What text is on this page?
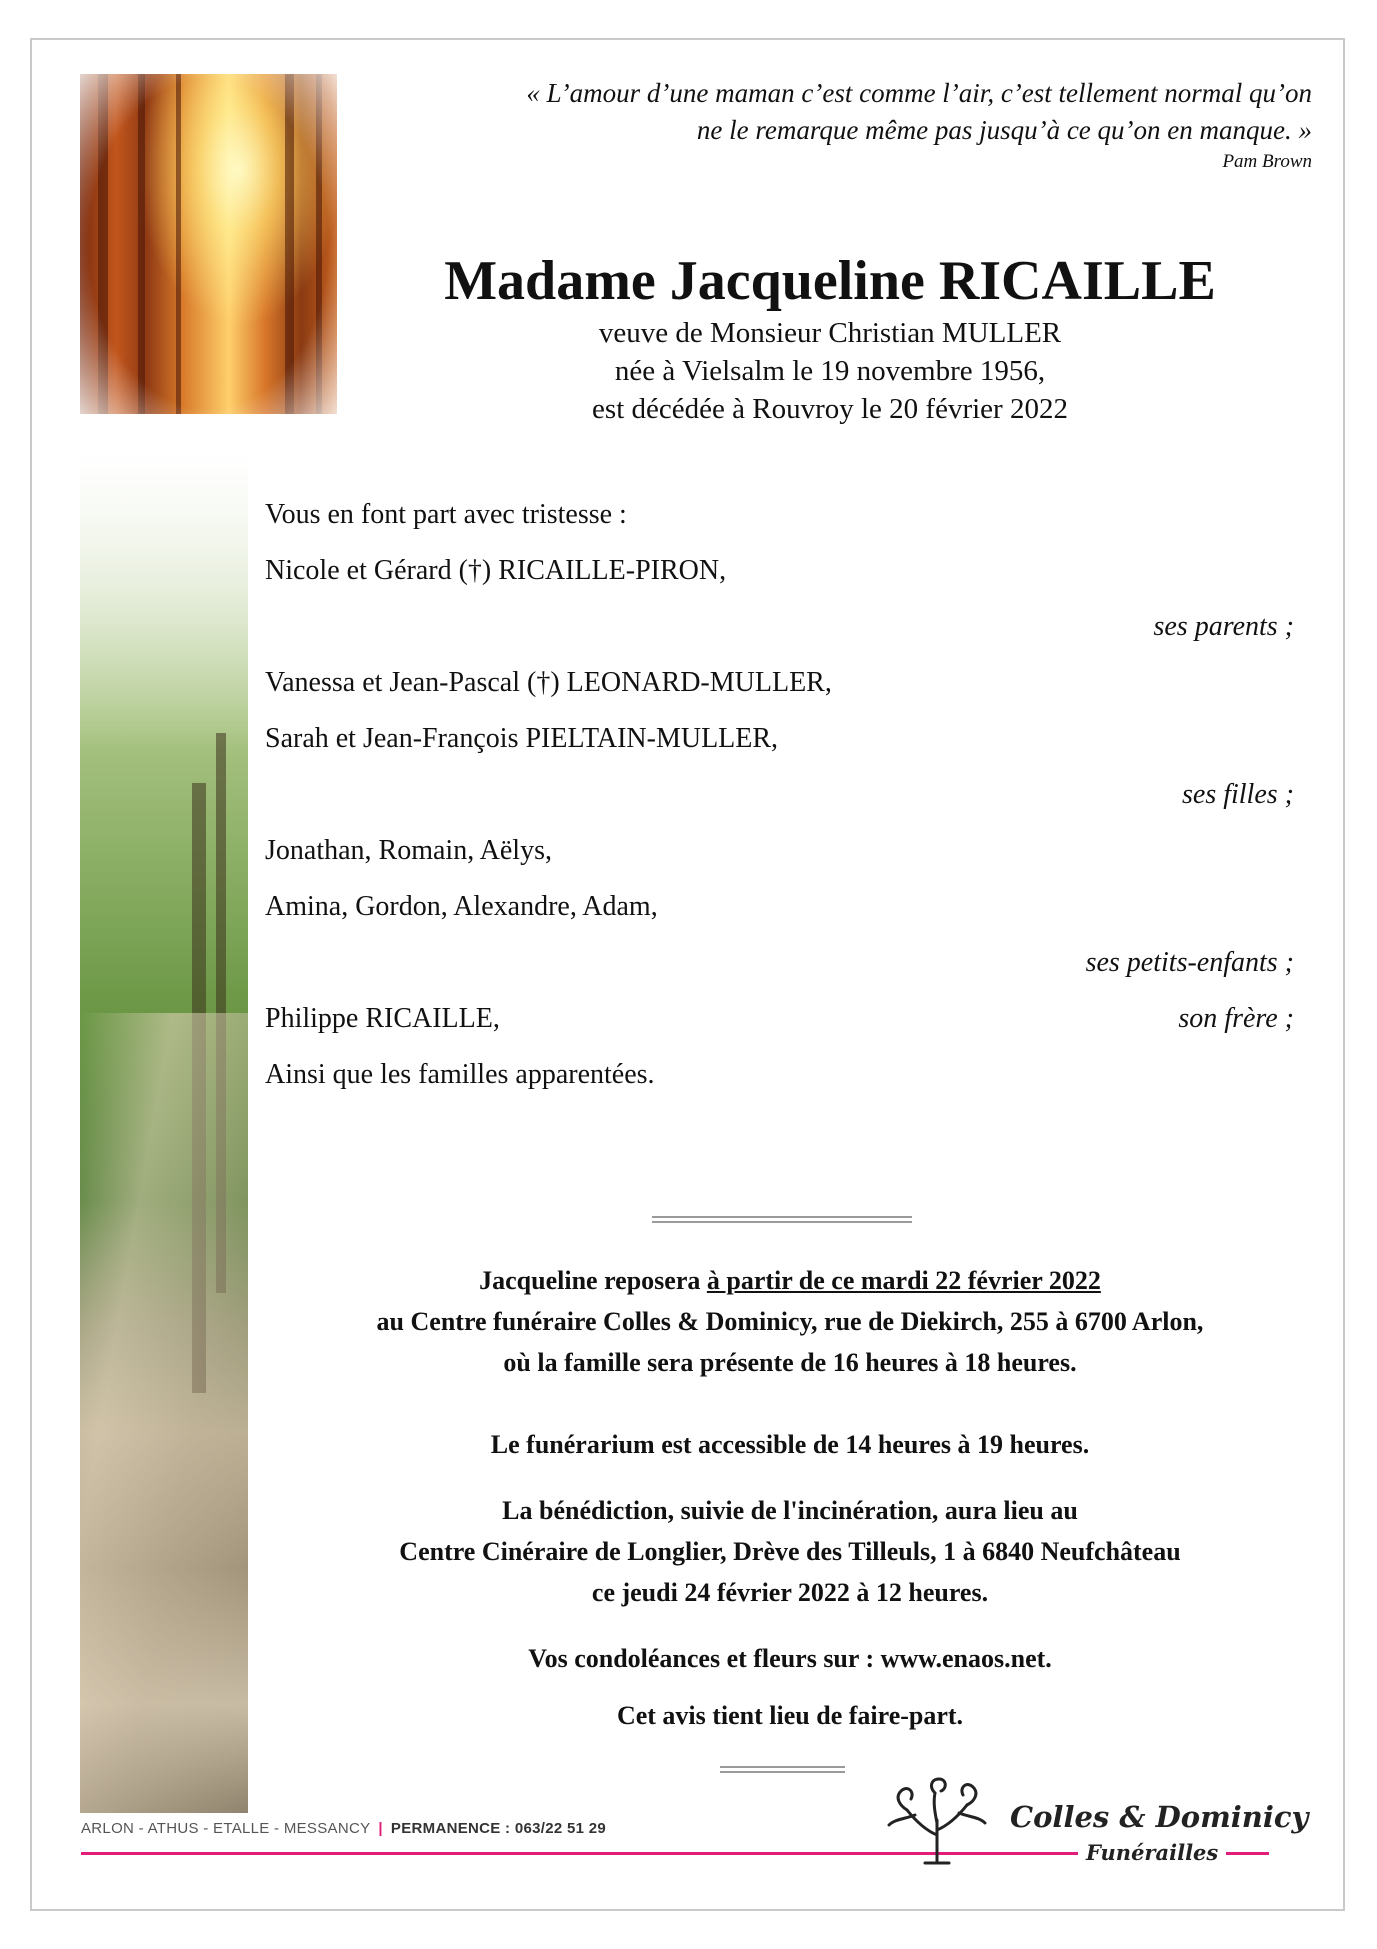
« L’amour d’une maman c’est comme l’air, c’est tellement normal qu’on
ne le remarque même pas jusqu’à ce qu’on en manque. »
Pam Brown
Madame Jacqueline RICAILLE
veuve de Monsieur Christian MULLER
née à Vielsalm le 19 novembre 1956,
est décédée à Rouvroy le 20 février 2022
Vous en font part avec tristesse :
Nicole et Gérard (†) RICAILLE-PIRON,
ses parents ;
Vanessa et Jean-Pascal (†) LEONARD-MULLER,
Sarah et Jean-François PIELTAIN-MULLER,
ses filles ;
Jonathan, Romain, Aëlys,
Amina, Gordon, Alexandre, Adam,
ses petits-enfants ;
Philippe RICAILLE,	son frère ;
Ainsi que les familles apparentées.
Jacqueline reposera à partir de ce mardi 22 février 2022
au Centre funéraire Colles & Dominicy, rue de Diekirch, 255 à 6700 Arlon,
où la famille sera présente de 16 heures à 18 heures.
Le funérarium est accessible de 14 heures à 19 heures.
La bénédiction, suivie de l'incinération, aura lieu au
Centre Cinéraire de Longlier, Drève des Tilleuls, 1 à 6840 Neufchâteau
ce jeudi 24 février 2022 à 12 heures.
Vos condoléances et fleurs sur : www.enaos.net.
Cet avis tient lieu de faire-part.
ARLON - ATHUS - ETALLE - MESSANCY | PERMANENCE : 063/22 51 29	Colles & Dominicy
Funérailles
